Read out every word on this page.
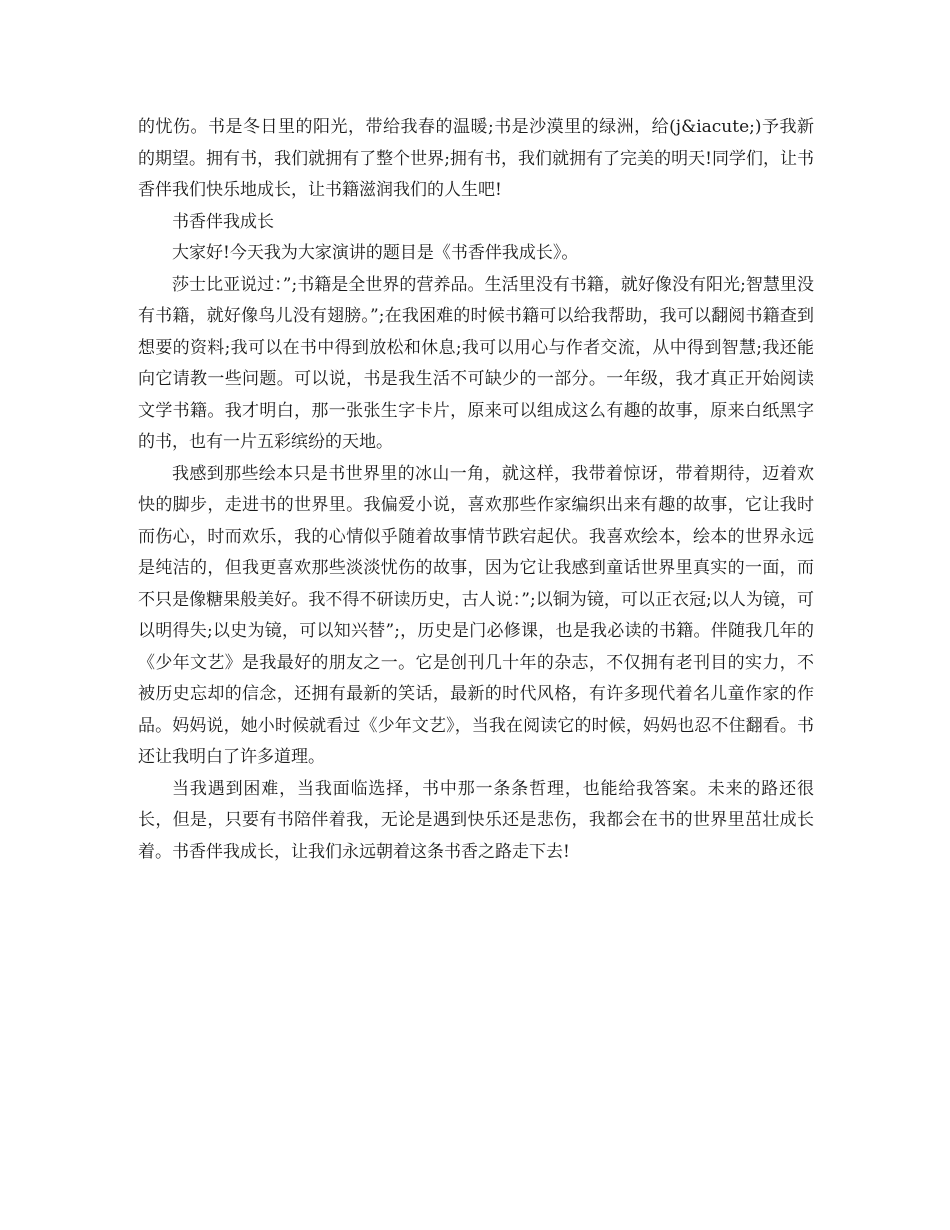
的忧伤。书是冬日里的阳光，带给我春的温暖;书是沙漠里的绿洲，给(j&iacute;)予我新的期望。拥有书，我们就拥有了整个世界;拥有书，我们就拥有了完美的明天!同学们，让书香伴我们快乐地成长，让书籍滋润我们的人生吧!

书香伴我成长

大家好!今天我为大家演讲的题目是《书香伴我成长》。

莎士比亚说过：”;书籍是全世界的营养品。生活里没有书籍，就好像没有阳光;智慧里没有书籍，就好像鸟儿没有翅膀。”;在我困难的时候书籍可以给我帮助，我可以翻阅书籍查到想要的资料;我可以在书中得到放松和休息;我可以用心与作者交流，从中得到智慧;我还能向它请教一些问题。可以说，书是我生活不可缺少的一部分。一年级，我才真正开始阅读文学书籍。我才明白，那一张张生字卡片，原来可以组成这么有趣的故事，原来白纸黑字的书，也有一片五彩缤纷的天地。

我感到那些绘本只是书世界里的冰山一角，就这样，我带着惊讶，带着期待，迈着欢快的脚步，走进书的世界里。我偏爱小说，喜欢那些作家编织出来有趣的故事，它让我时而伤心，时而欢乐，我的心情似乎随着故事情节跌宕起伏。我喜欢绘本，绘本的世界永远是纯洁的，但我更喜欢那些淡淡忧伤的故事，因为它让我感到童话世界里真实的一面，而不只是像糖果般美好。我不得不研读历史，古人说：”;以铜为镜，可以正衣冠;以人为镜，可以明得失;以史为镜，可以知兴替”;，历史是门必修课，也是我必读的书籍。伴随我几年的《少年文艺》是我最好的朋友之一。它是创刊几十年的杂志，不仅拥有老刊目的实力，不被历史忘却的信念，还拥有最新的笑话，最新的时代风格，有许多现代着名儿童作家的作品。妈妈说，她小时候就看过《少年文艺》，当我在阅读它的时候，妈妈也忍不住翻看。书还让我明白了许多道理。

当我遇到困难，当我面临选择，书中那一条条哲理，也能给我答案。未来的路还很长，但是，只要有书陪伴着我，无论是遇到快乐还是悲伤，我都会在书的世界里茁壮成长着。书香伴我成长，让我们永远朝着这条书香之路走下去!
